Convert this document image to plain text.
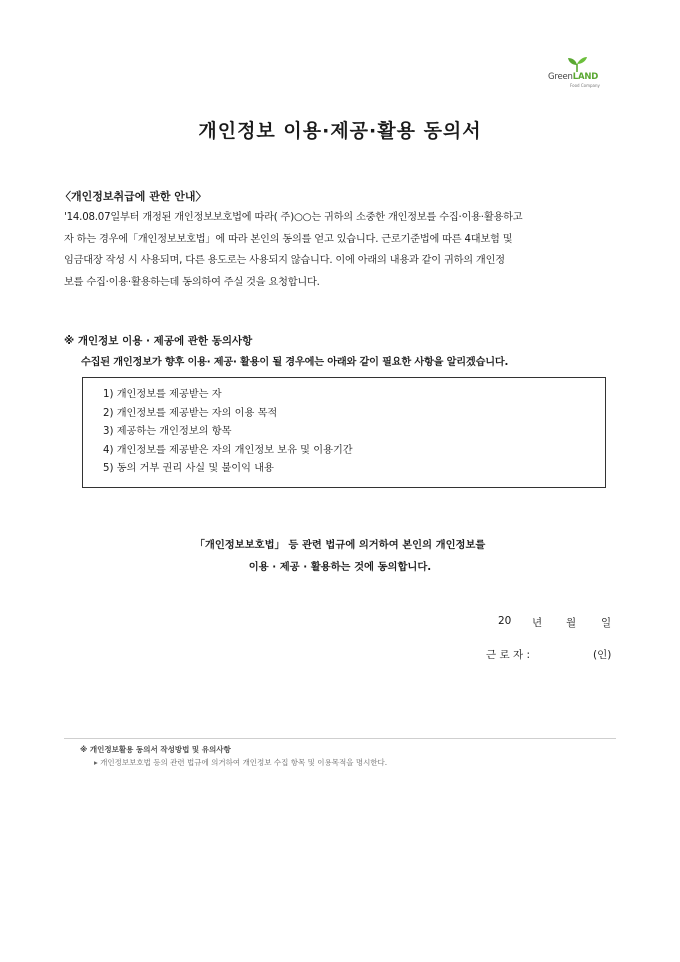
GreenLAND
Food Company
개인정보 이용·제공·활용 동의서
〈개인정보취급에 관한 안내〉
'14.08.07일부터 개정된 개인정보보호법에 따라( 주)○○는 귀하의 소중한 개인정보를 수집·이용·활용하고
자 하는 경우에「개인정보보호법」에 따라 본인의 동의를 얻고 있습니다. 근로기준법에 따른 4대보험 및
임금대장 작성 시 사용되며, 다른 용도로는 사용되지 않습니다. 이에 아래의 내용과 같이 귀하의 개인정
보를 수집·이용·활용하는데 동의하여 주실 것을 요청합니다.
※ 개인정보 이용 · 제공에 관한 동의사항
수집된 개인정보가 향후 이용· 제공· 활용이 될 경우에는 아래와 같이 필요한 사항을 알리겠습니다.
1) 개인정보를 제공받는 자
2) 개인정보를 제공받는 자의 이용 목적
3) 제공하는 개인정보의 항목
4) 개인정보를 제공받은 자의 개인정보 보유 및 이용기간
5) 동의 거부 권리 사실 및 불이익 내용
「개인정보보호법」 등 관련 법규에 의거하여 본인의 개인정보를
이용 · 제공 · 활용하는 것에 동의합니다.
20 년 월 일
근 로 자 :	(인)
※ 개인정보활용 동의서 작성방법 및 유의사항
▸ 개인정보보호법 등의 관련 법규에 의거하여 개인정보 수집 항목 및 이용목적을 명시한다.
